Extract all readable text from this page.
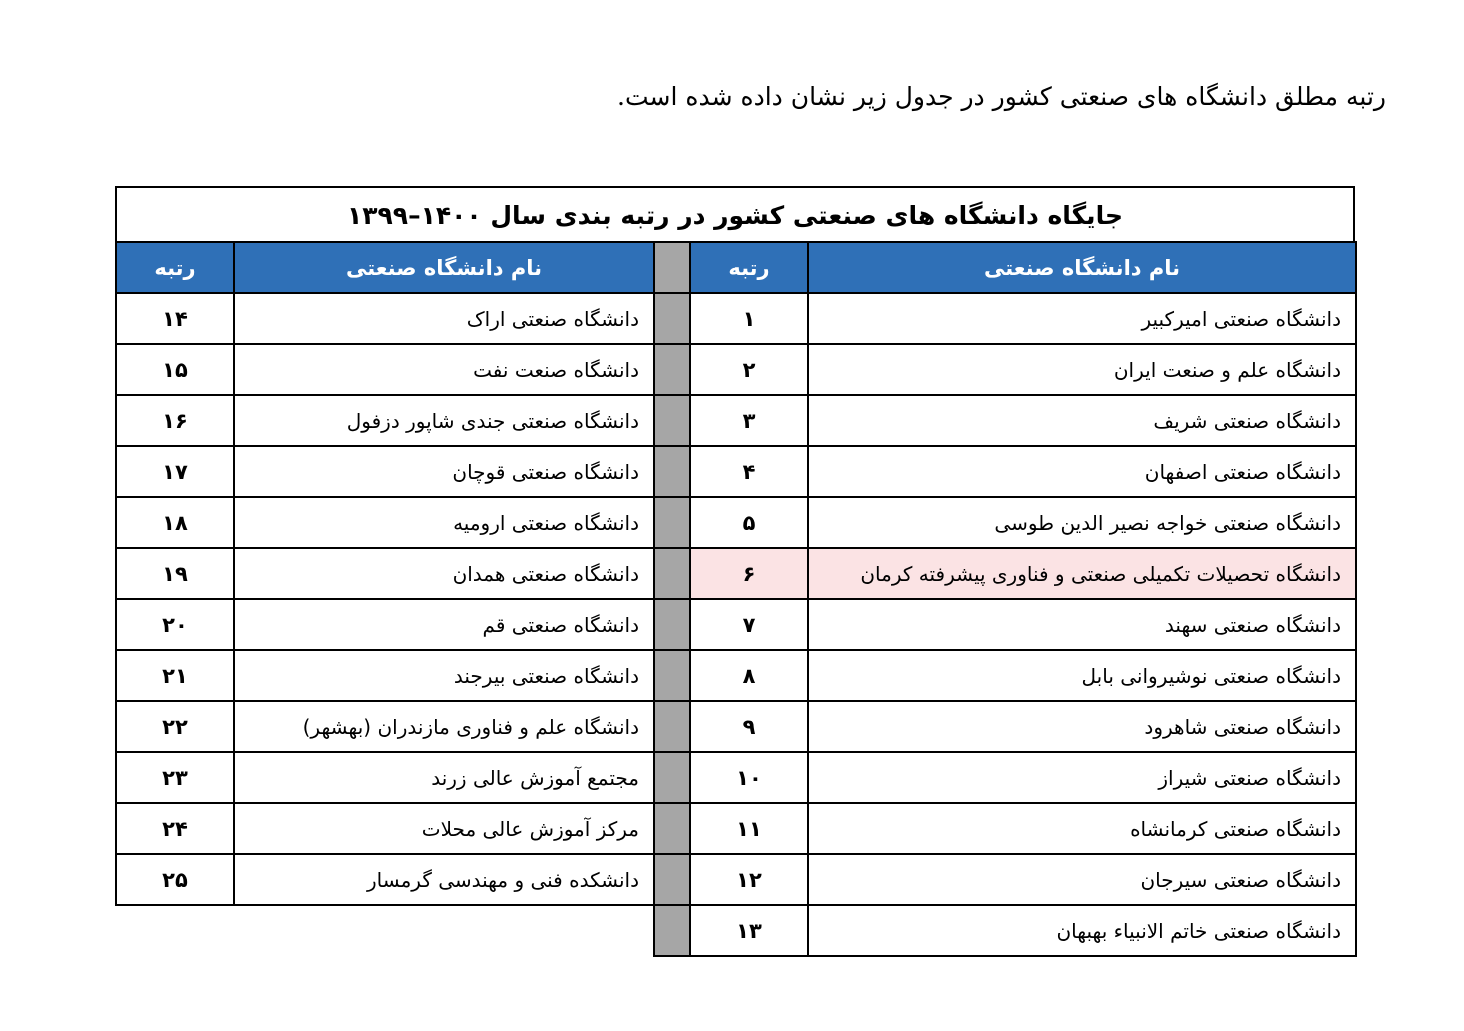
رتبه مطلق دانشگاه های صنعتی کشور در جدول زیر نشان داده شده است.
جایگاه دانشگاه های صنعتی کشور در رتبه بندی سال ۱۴۰۰–۱۳۹۹
رتبه	نام دانشگاه صنعتی		رتبه	نام دانشگاه صنعتی
۱۴	دانشگاه صنعتی اراک		۱	دانشگاه صنعتی امیرکبیر
۱۵	دانشگاه صنعت نفت		۲	دانشگاه علم و صنعت ایران
۱۶	دانشگاه صنعتی جندی شاپور دزفول		۳	دانشگاه صنعتی شریف
۱۷	دانشگاه صنعتی قوچان		۴	دانشگاه صنعتی اصفهان
۱۸	دانشگاه صنعتی ارومیه		۵	دانشگاه صنعتی خواجه نصیر الدین طوسی
۱۹	دانشگاه صنعتی همدان		۶	دانشگاه تحصیلات تکمیلی صنعتی و فناوری پیشرفته کرمان
۲۰	دانشگاه صنعتی قم		۷	دانشگاه صنعتی سهند
۲۱	دانشگاه صنعتی بیرجند		۸	دانشگاه صنعتی نوشیروانی بابل
۲۲	دانشگاه علم و فناوری مازندران (بهشهر)		۹	دانشگاه صنعتی شاهرود
۲۳	مجتمع آموزش عالی زرند		۱۰	دانشگاه صنعتی شیراز
۲۴	مرکز آموزش عالی محلات		۱۱	دانشگاه صنعتی کرمانشاه
۲۵	دانشکده فنی و مهندسی گرمسار		۱۲	دانشگاه صنعتی سیرجان
			۱۳	دانشگاه صنعتی خاتم الانبیاء بهبهان
